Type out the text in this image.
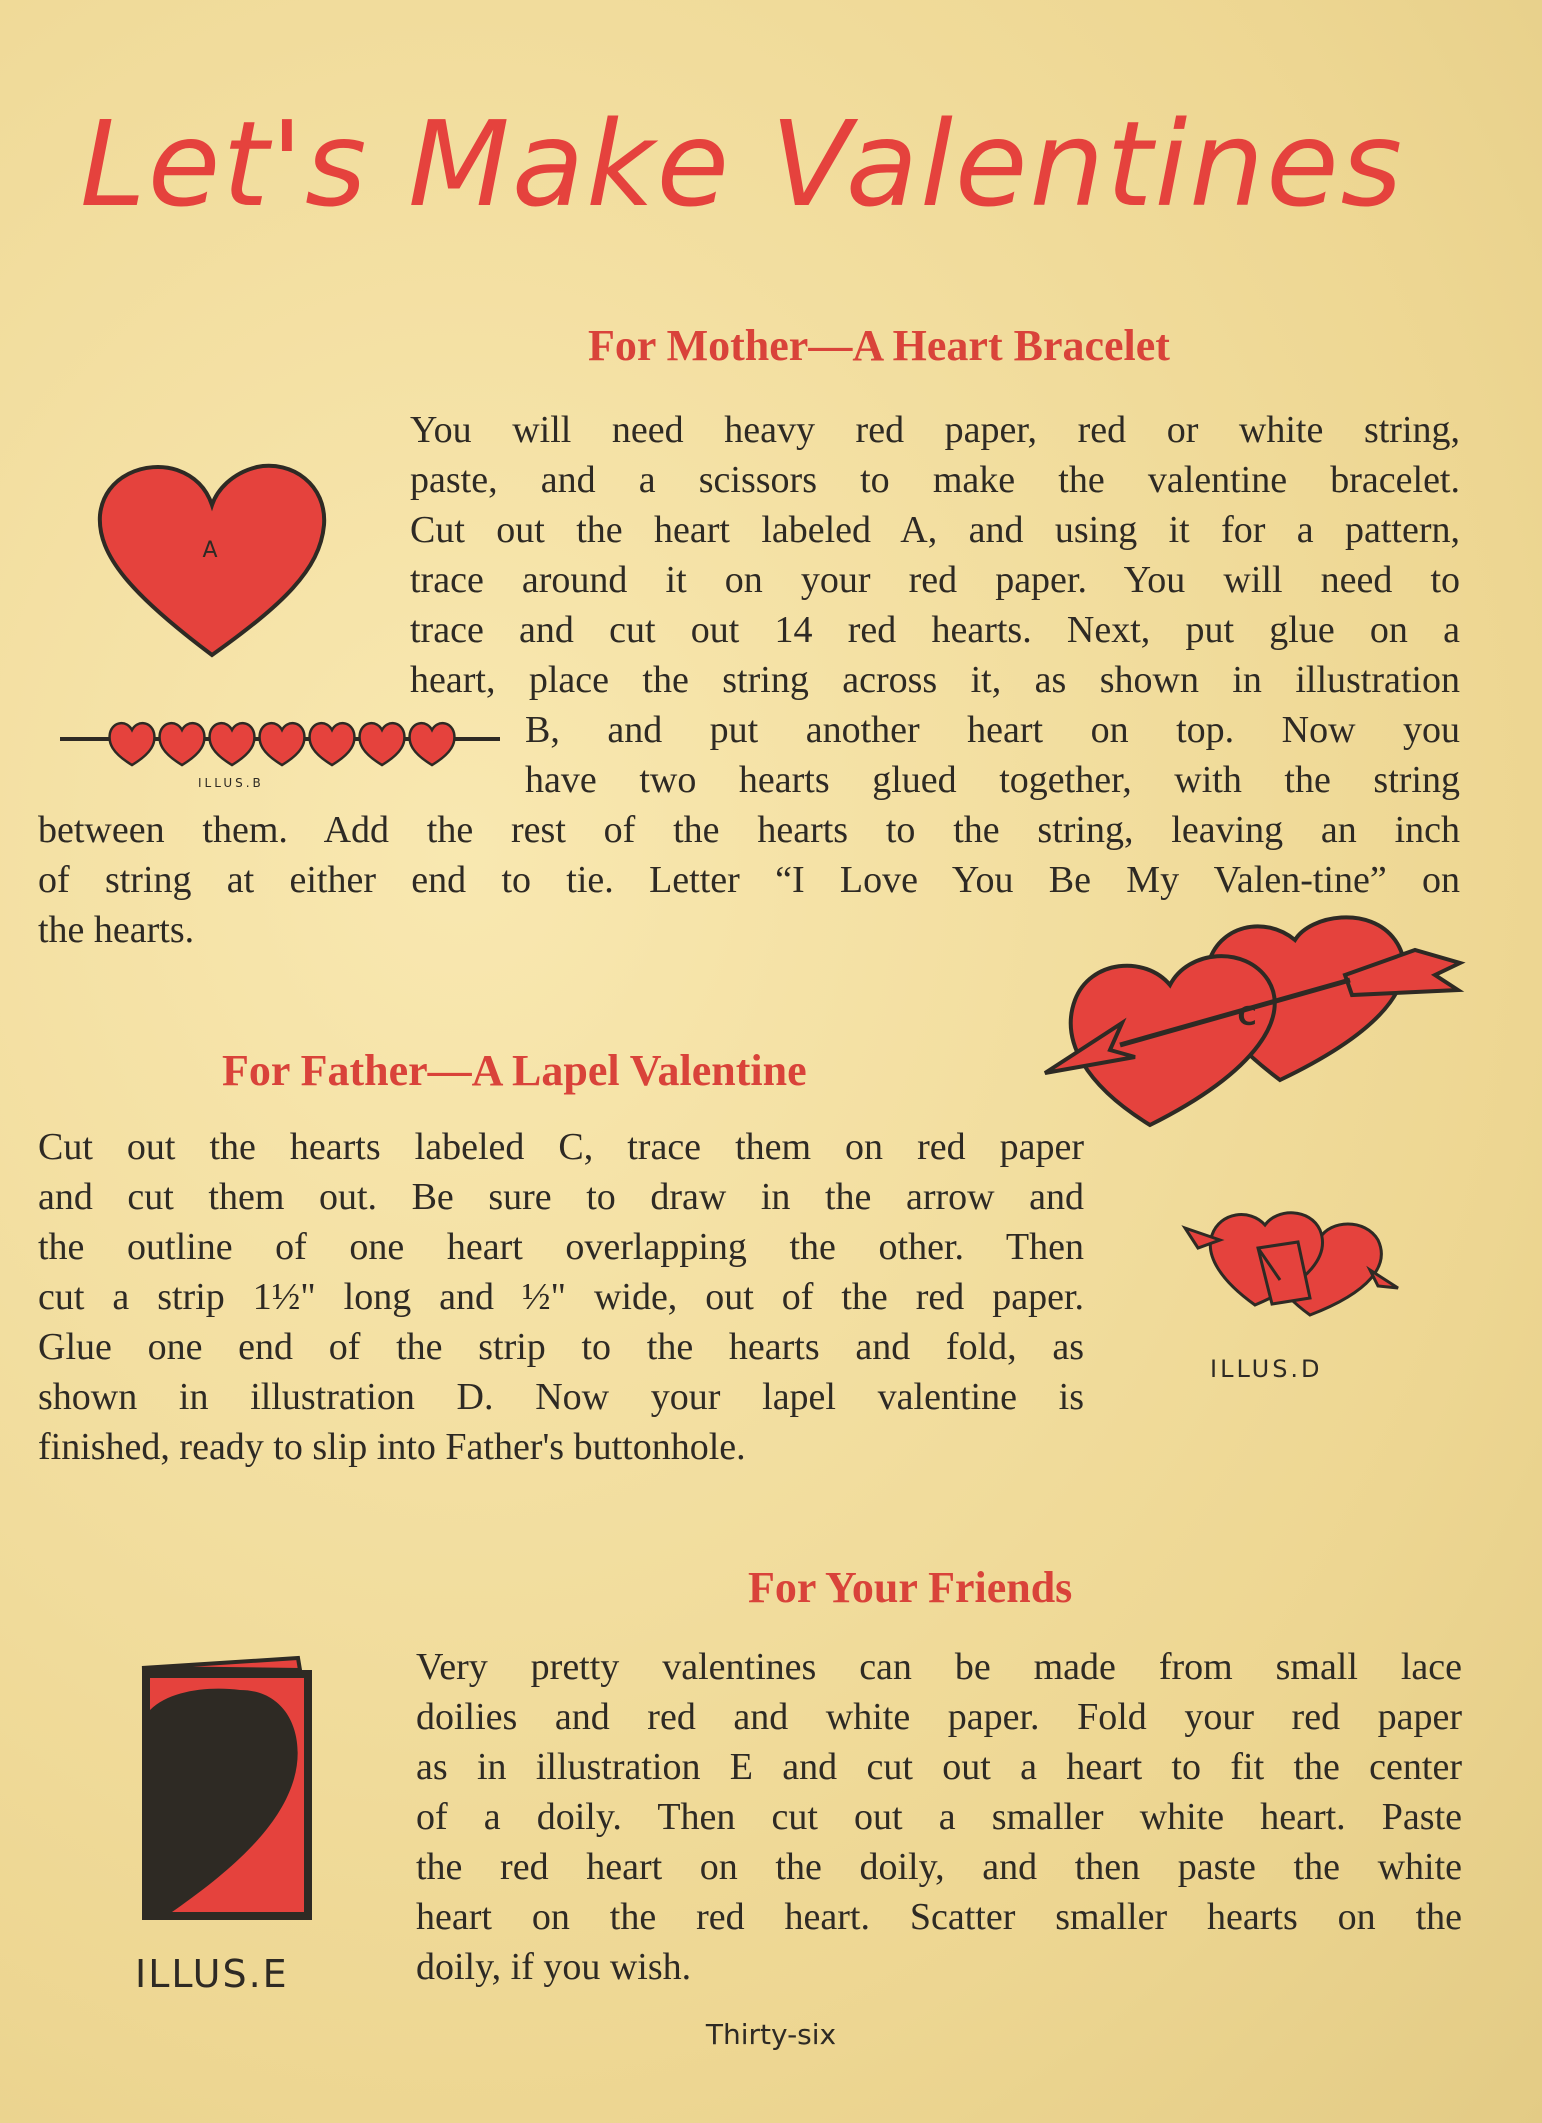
Let's Make Valentines
For Mother—A Heart Bracelet
You will need heavy red paper, red or white string,
paste, and a scissors to make the valentine bracelet.
Cut out the heart labeled A, and using it for a pattern,
trace around it on your red paper. You will need to
trace and cut out 14 red hearts. Next, put glue on a
heart, place the string across it, as shown in illustration
B, and put another heart on top. Now you
have two hearts glued together, with the string
between them. Add the rest of the hearts to the string, leaving an inch
of string at either end to tie. Letter “I Love You Be My Valen-tine” on
the hearts.
A
ILLUS.B
For Father—A Lapel Valentine
Cut out the hearts labeled C, trace them on red paper
and cut them out. Be sure to draw in the arrow and
the outline of one heart overlapping the other. Then
cut a strip 1½" long and ½" wide, out of the red paper.
Glue one end of the strip to the hearts and fold, as
shown in illustration D. Now your lapel valentine is
finished, ready to slip into Father's buttonhole.
C
ILLUS.D
For Your Friends
Very pretty valentines can be made from small lace
doilies and red and white paper. Fold your red paper
as in illustration E and cut out a heart to fit the center
of a doily. Then cut out a smaller white heart. Paste
the red heart on the doily, and then paste the white
heart on the red heart. Scatter smaller hearts on the
doily, if you wish.
ILLUS.E
Thirty-six
